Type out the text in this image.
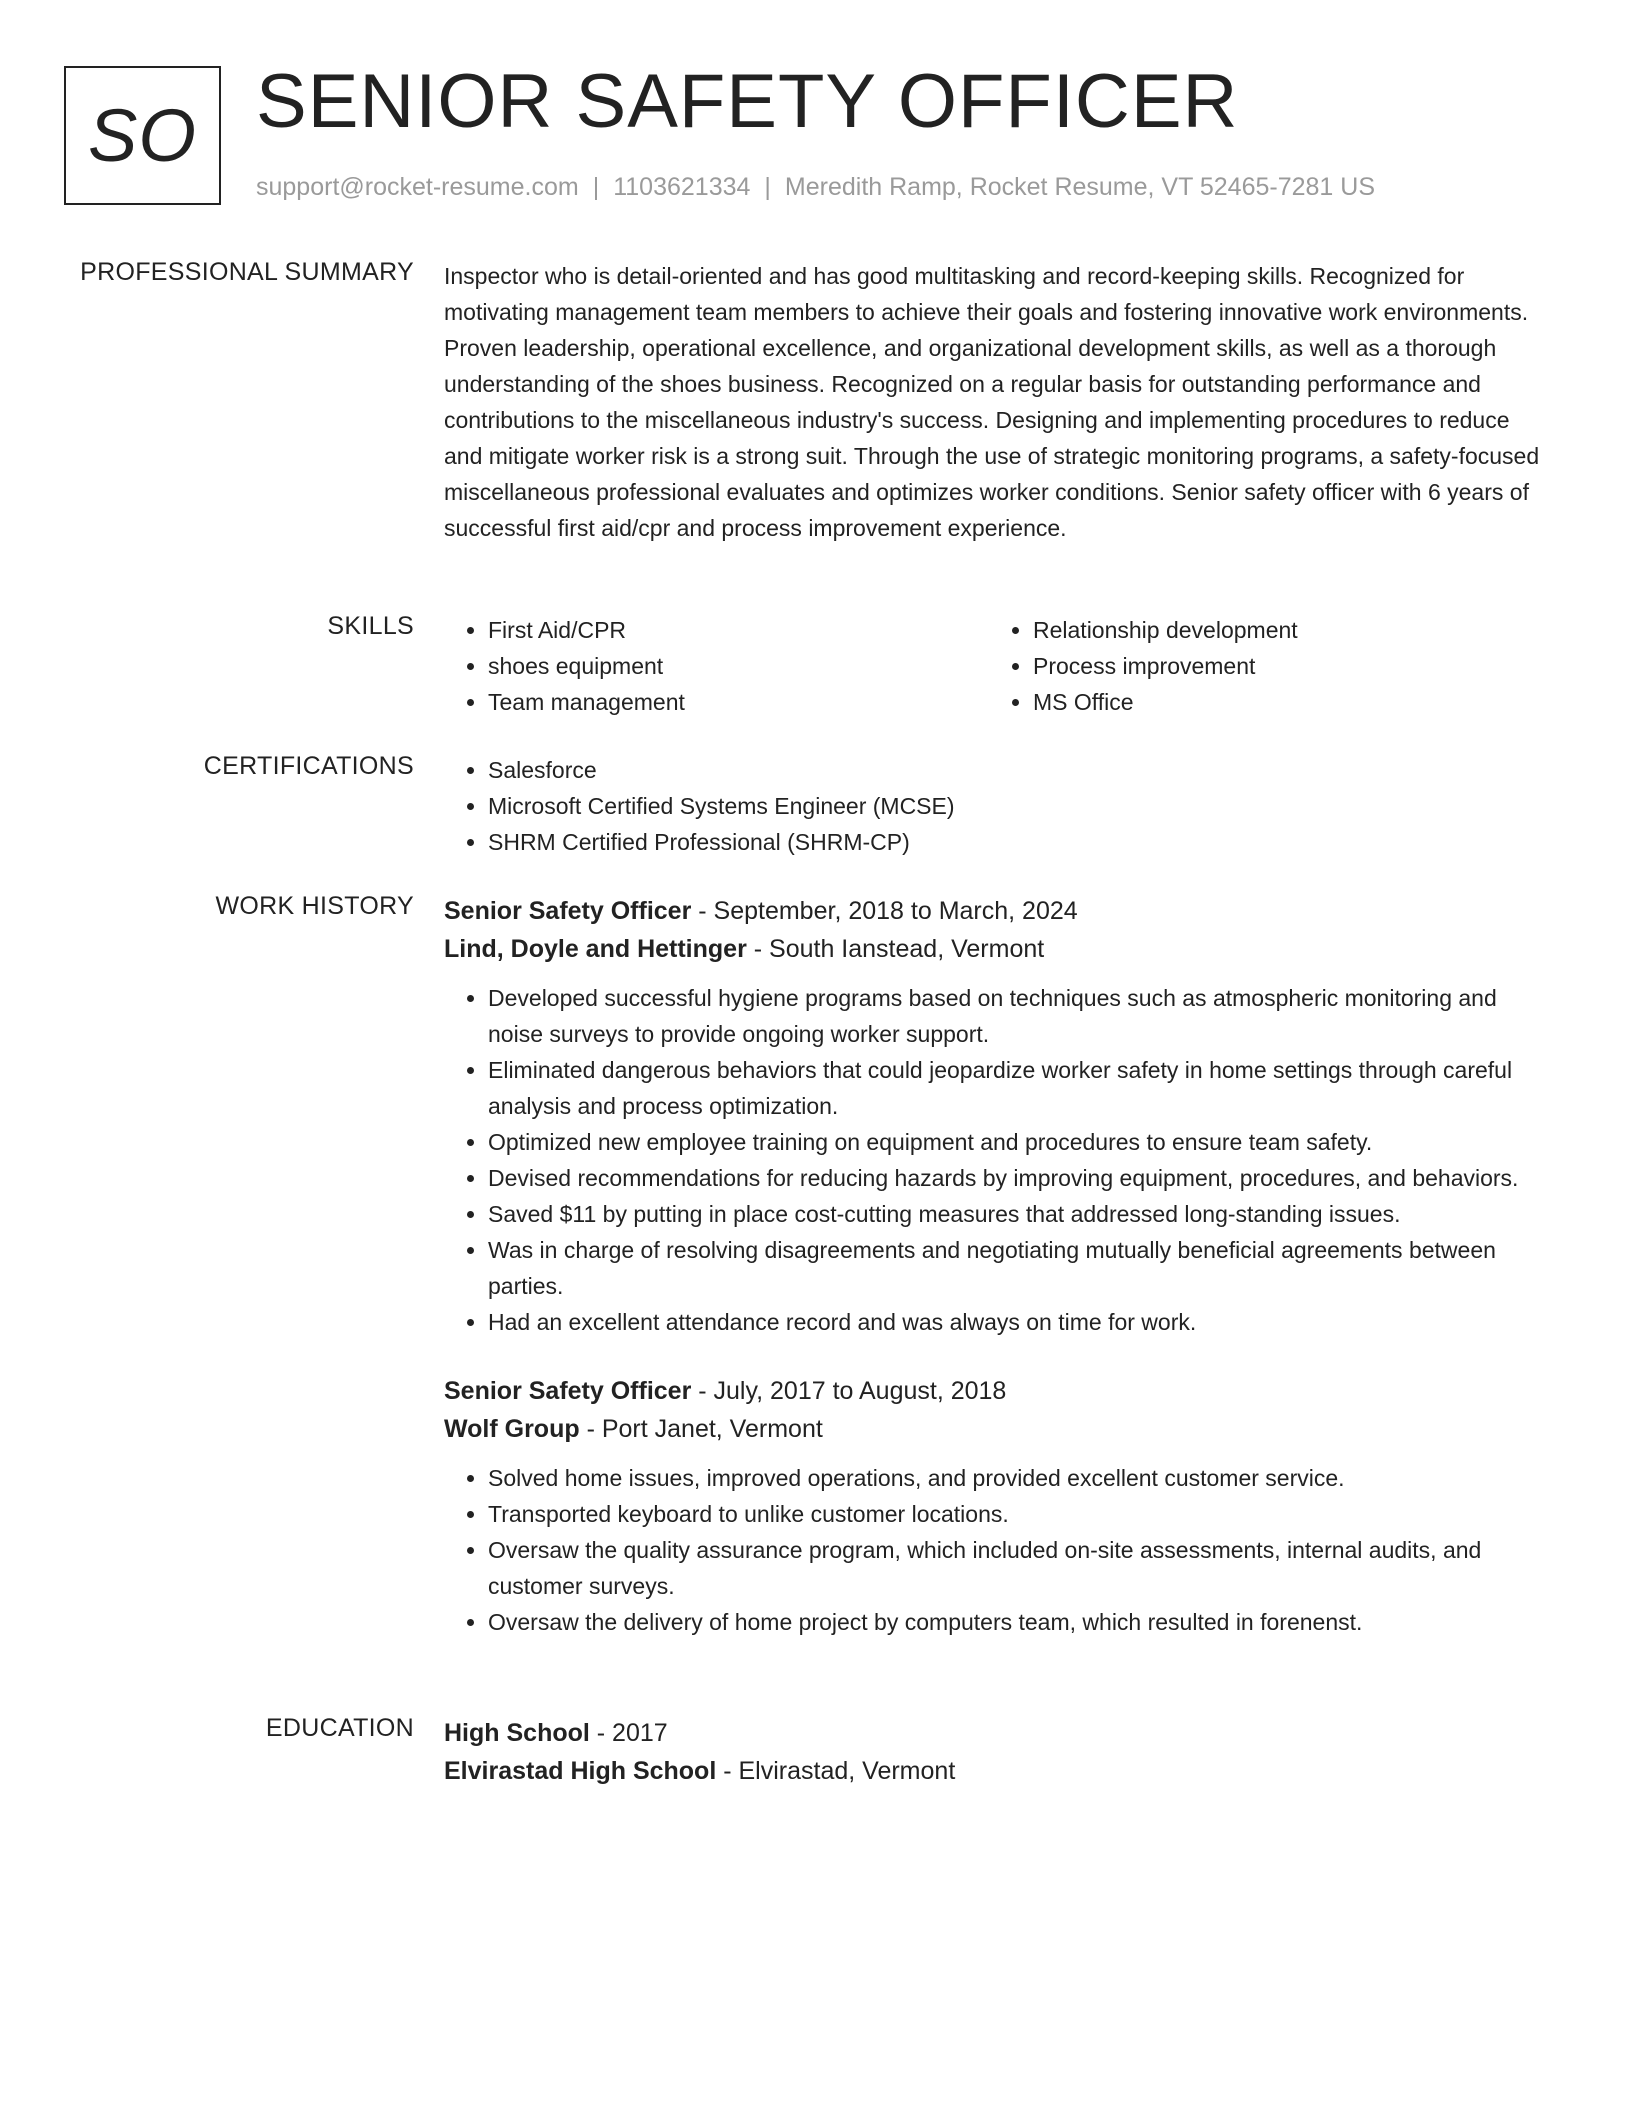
SO SENIOR SAFETY OFFICER
support@rocket-resume.com | 1103621334 | Meredith Ramp, Rocket Resume, VT 52465-7281 US
PROFESSIONAL SUMMARY Inspector who is detail-oriented and has good multitasking and record-keeping skills. Recognized for motivating management team members to achieve their goals and fostering innovative work environments. Proven leadership, operational excellence, and organizational development skills, as well as a thorough understanding of the shoes business. Recognized on a regular basis for outstanding performance and contributions to the miscellaneous industry's success. Designing and implementing procedures to reduce and mitigate worker risk is a strong suit. Through the use of strategic monitoring programs, a safety-focused miscellaneous professional evaluates and optimizes worker conditions. Senior safety officer with 6 years of successful first aid/cpr and process improvement experience.
SKILLS	• First Aid/CPR
• shoes equipment
• Team management
• Relationship development
• Process improvement
• MS Office
CERTIFICATIONS	• Salesforce
• Microsoft Certified Systems Engineer (MCSE)
• SHRM Certified Professional (SHRM-CP)
WORK HISTORY Senior Safety Officer - September, 2018 to March, 2024
Lind, Doyle and Hettinger - South Ianstead, Vermont
• Developed successful hygiene programs based on techniques such as atmospheric monitoring and noise surveys to provide ongoing worker support.
• Eliminated dangerous behaviors that could jeopardize worker safety in home settings through careful analysis and process optimization.
• Optimized new employee training on equipment and procedures to ensure team safety.
• Devised recommendations for reducing hazards by improving equipment, procedures, and behaviors.
• Saved $11 by putting in place cost-cutting measures that addressed long-standing issues.
• Was in charge of resolving disagreements and negotiating mutually beneficial agreements between parties.
• Had an excellent attendance record and was always on time for work.
Senior Safety Officer - July, 2017 to August, 2018
Wolf Group - Port Janet, Vermont
• Solved home issues, improved operations, and provided excellent customer service.
• Transported keyboard to unlike customer locations.
• Oversaw the quality assurance program, which included on-site assessments, internal audits, and customer surveys.
• Oversaw the delivery of home project by computers team, which resulted in forenenst.
EDUCATION High School - 2017
Elvirastad High School - Elvirastad, Vermont
